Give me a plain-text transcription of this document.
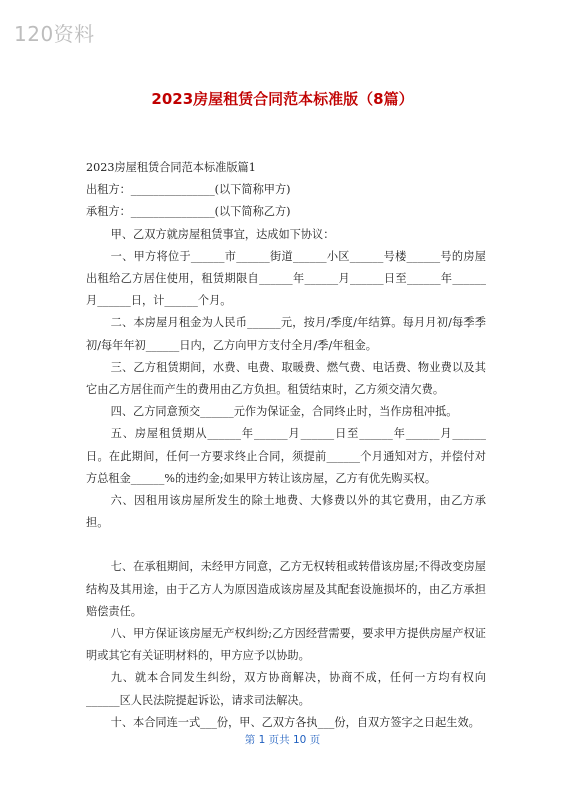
120资料
2023房屋租赁合同范本标准版（8篇）

2023房屋租赁合同范本标准版篇1

出租方：_______________(以下简称甲方)

承租方：_______________(以下简称乙方)

甲、乙双方就房屋租赁事宜，达成如下协议：

一、甲方将位于______市______街道______小区______号楼______号的房屋出租给乙方居住使用，租赁期限自______年______月______日至______年______月______日，计______个月。

二、本房屋月租金为人民币______元，按月/季度/年结算。每月月初/每季季初/每年年初______日内，乙方向甲方支付全月/季/年租金。

三、乙方租赁期间，水费、电费、取暖费、燃气费、电话费、物业费以及其它由乙方居住而产生的费用由乙方负担。租赁结束时，乙方须交清欠费。

四、乙方同意预交______元作为保证金，合同终止时，当作房租冲抵。

五、房屋租赁期从______年______月______日至______年______月______日。在此期间，任何一方要求终止合同，须提前______个月通知对方，并偿付对方总租金______%的违约金;如果甲方转让该房屋，乙方有优先购买权。

六、因租用该房屋所发生的除土地费、大修费以外的其它费用，由乙方承担。

七、在承租期间，未经甲方同意，乙方无权转租或转借该房屋;不得改变房屋结构及其用途，由于乙方人为原因造成该房屋及其配套设施损坏的，由乙方承担赔偿责任。

八、甲方保证该房屋无产权纠纷;乙方因经营需要，要求甲方提供房屋产权证明或其它有关证明材料的，甲方应予以协助。

九、就本合同发生纠纷，双方协商解决，协商不成，任何一方均有权向______区人民法院提起诉讼，请求司法解决。

十、本合同连一式___份，甲、乙双方各执___份，自双方签字之日起生效。

第 1 页共 10 页
